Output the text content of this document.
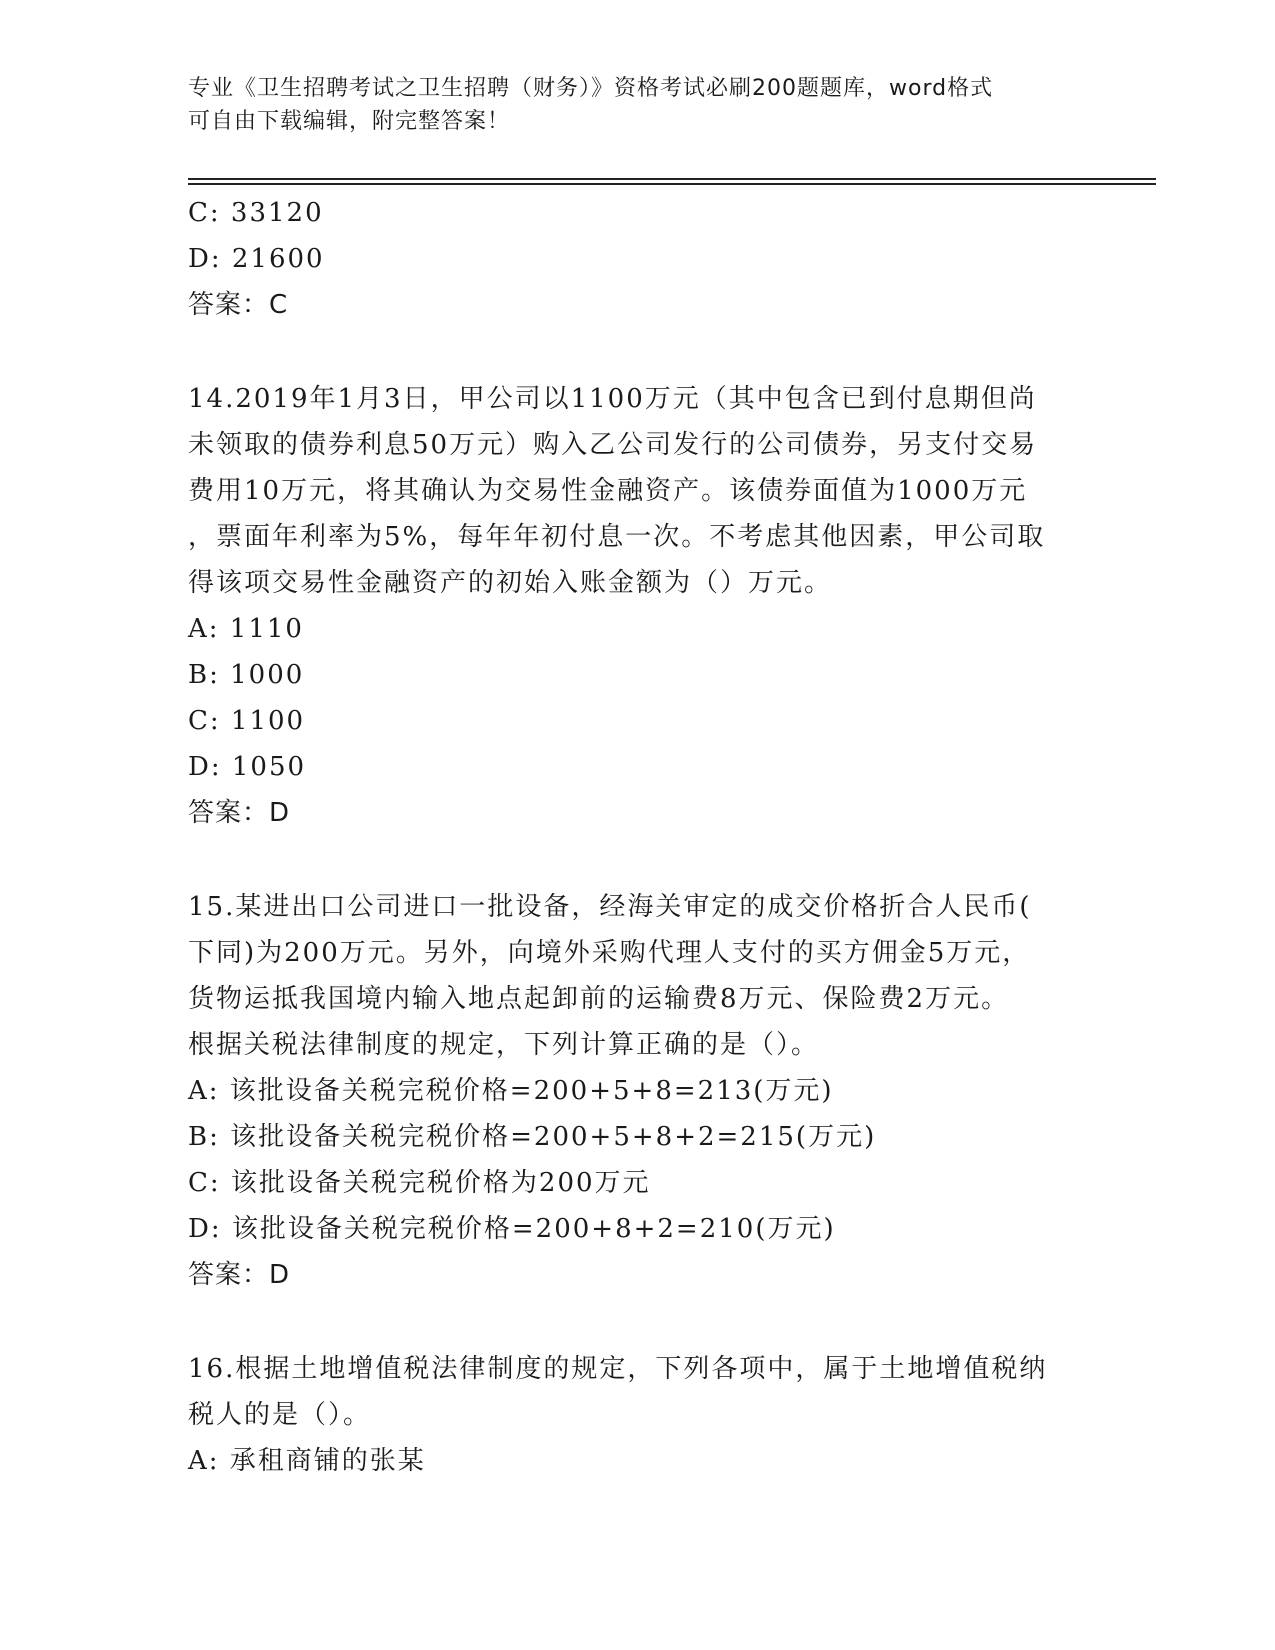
专业《卫生招聘考试之卫生招聘（财务）》资格考试必刷200题题库，word格式
可自由下载编辑，附完整答案！
C: 33120
D: 21600
答案：C
14.2019年1月3日，甲公司以1100万元（其中包含已到付息期但尚
未领取的债券利息50万元）购入乙公司发行的公司债券，另支付交易
费用10万元，将其确认为交易性金融资产。该债券面值为1000万元
，票面年利率为5%，每年年初付息一次。不考虑其他因素，甲公司取
得该项交易性金融资产的初始入账金额为（）万元。
A: 1110
B: 1000
C: 1100
D: 1050
答案：D
15.某进出口公司进口一批设备，经海关审定的成交价格折合人民币(
下同)为200万元。另外，向境外采购代理人支付的买方佣金5万元，
货物运抵我国境内输入地点起卸前的运输费8万元、保险费2万元。
根据关税法律制度的规定，下列计算正确的是（）。
A: 该批设备关税完税价格=200+5+8=213(万元)
B: 该批设备关税完税价格=200+5+8+2=215(万元)
C: 该批设备关税完税价格为200万元
D: 该批设备关税完税价格=200+8+2=210(万元)
答案：D
16.根据土地增值税法律制度的规定，下列各项中，属于土地增值税纳
税人的是（）。
A: 承租商铺的张某
